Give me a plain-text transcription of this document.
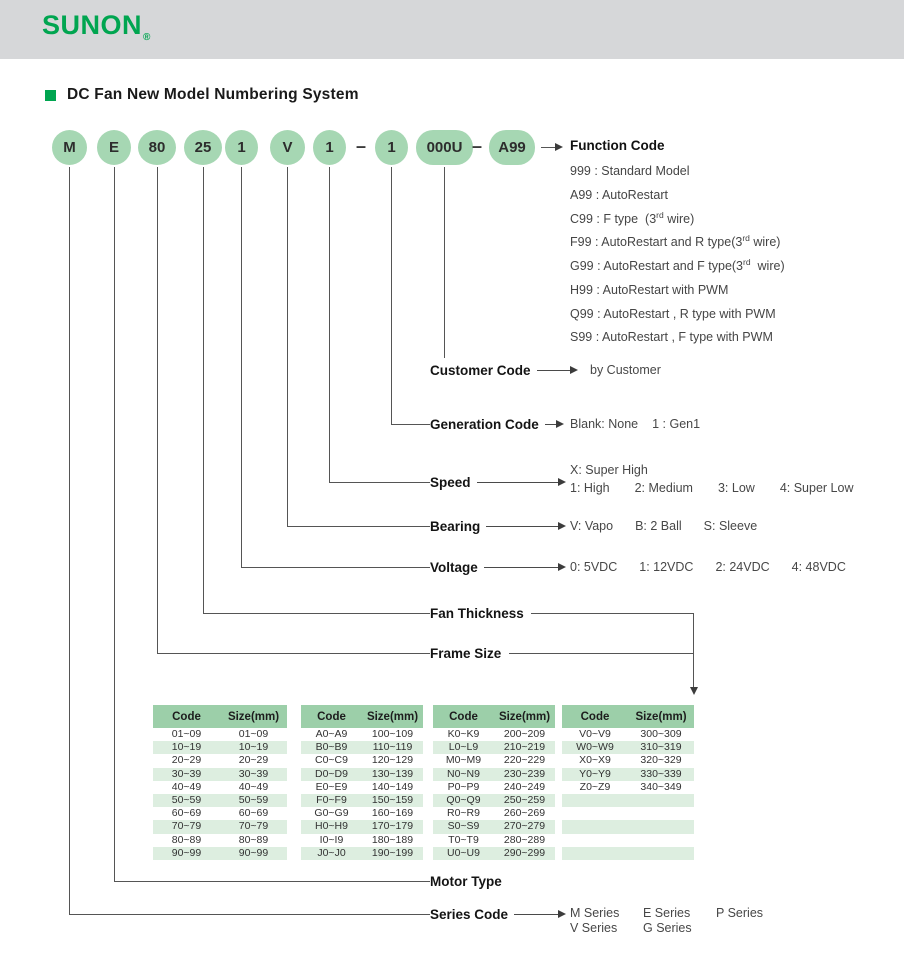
$SUNON_®$
DC Fan New Model Numbering System
M	E	80	25	1	V	1	–	1	000U –	A99	Function Code
999 : Standard Model
A99 : AutoRestart
C99 : F type  (3rd wire)
F99 : AutoRestart and R type(3rd wire)
G99 : AutoRestart and F type(3rd  wire)
H99 : AutoRestart with PWM
Q99 : AutoRestart , R type with PWM
S99 : AutoRestart , F type with PWM
Customer Code
Generation Code
Speed
Bearing
Voltage
Fan Thickness
Frame Size
Motor Type
Series Code
by Customer
Blank: None 1 : Gen1
X: Super High
1: High 2: Medium 3: Low 4: Super Low
V: Vapo B: 2 Ball S: Sleeve
0: 5VDC 1: 12VDC 2: 24VDC 4: 48VDC
M Series E Series P Series
V Series G Series
Code	Size(mm)
01~09	01~09
10~19	10~19
20~29	20~29
30~39	30~39
40~49	40~49
50~59	50~59
60~69	60~69
70~79	70~79
80~89	80~89
90~99	90~99
Code	Size(mm)
A0~A9	100~109
B0~B9	110~119
C0~C9	120~129
D0~D9	130~139
E0~E9	140~149
F0~F9	150~159
G0~G9	160~169
H0~H9	170~179
I0~I9	180~189
J0~J0	190~199
Code	Size(mm)
K0~K9	200~209
L0~L9	210~219
M0~M9	220~229
N0~N9	230~239
P0~P9	240~249
Q0~Q9	250~259
R0~R9	260~269
S0~S9	270~279
T0~T9	280~289
U0~U9	290~299
Code	Size(mm)
V0~V9	300~309
W0~W9	310~319
X0~X9	320~329
Y0~Y9	330~339
Z0~Z9	340~349
